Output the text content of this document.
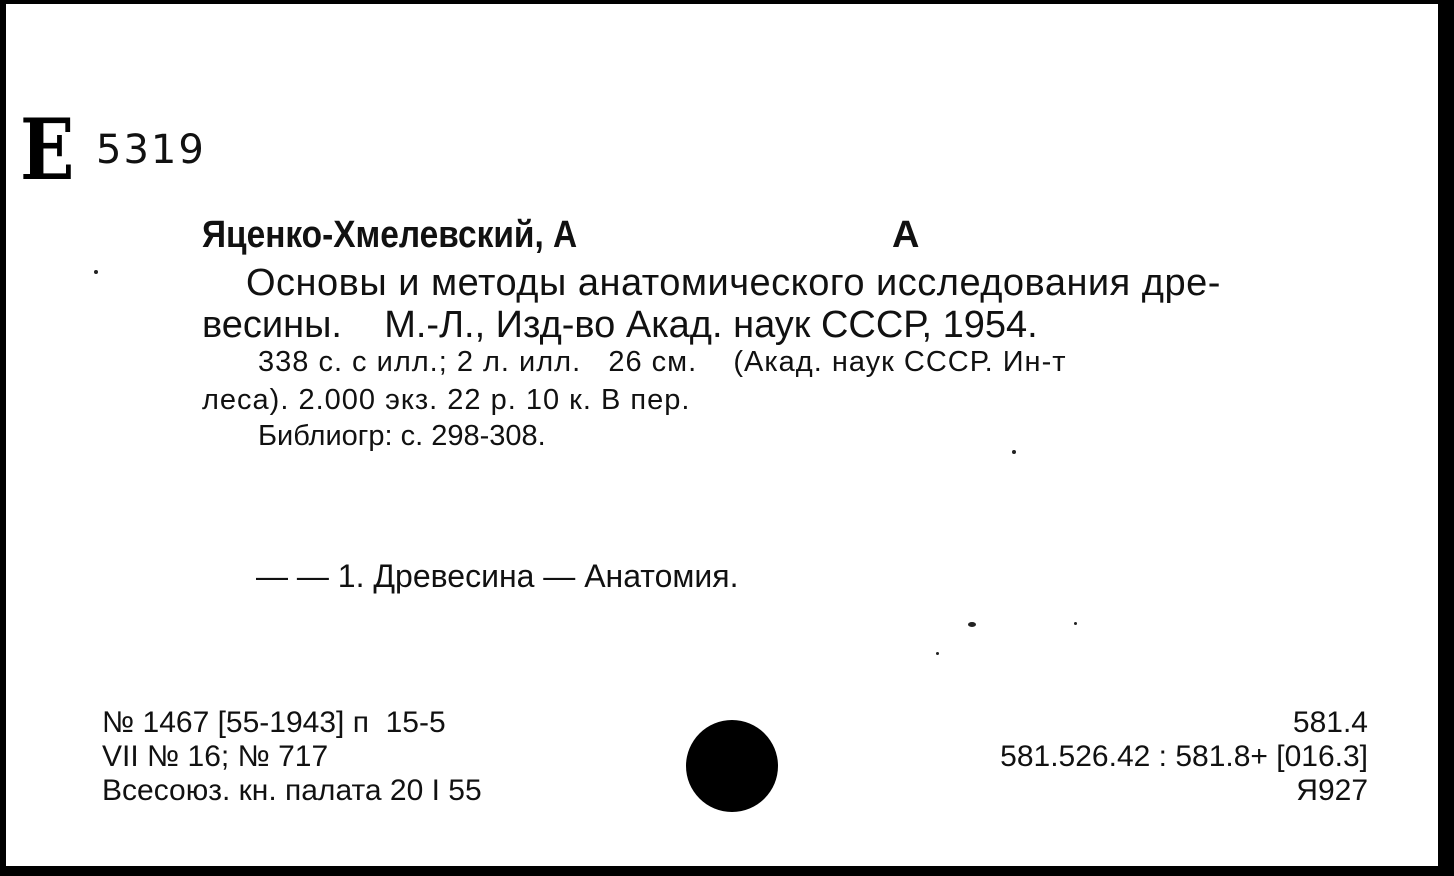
Е 5319
Яценко-Хмелевский, А	А
Основы и методы анатомического исследования дре-
весины.    М.-Л., Изд-во Акад. наук СССР, 1954.
338 с. с илл.; 2 л. илл.   26 см.    (Акад. наук СССР. Ин-т
леса). 2.000 экз. 22 р. 10 к. В пер.
Библиогр: с. 298-308.
— — 1. Древесина — Анатомия.
№ 1467 [55-1943] п  15-5
VII № 16; № 717
Всесоюз. кн. палата 20 I 55
581.4
581.526.42 : 581.8+ [016.3]
Я927
